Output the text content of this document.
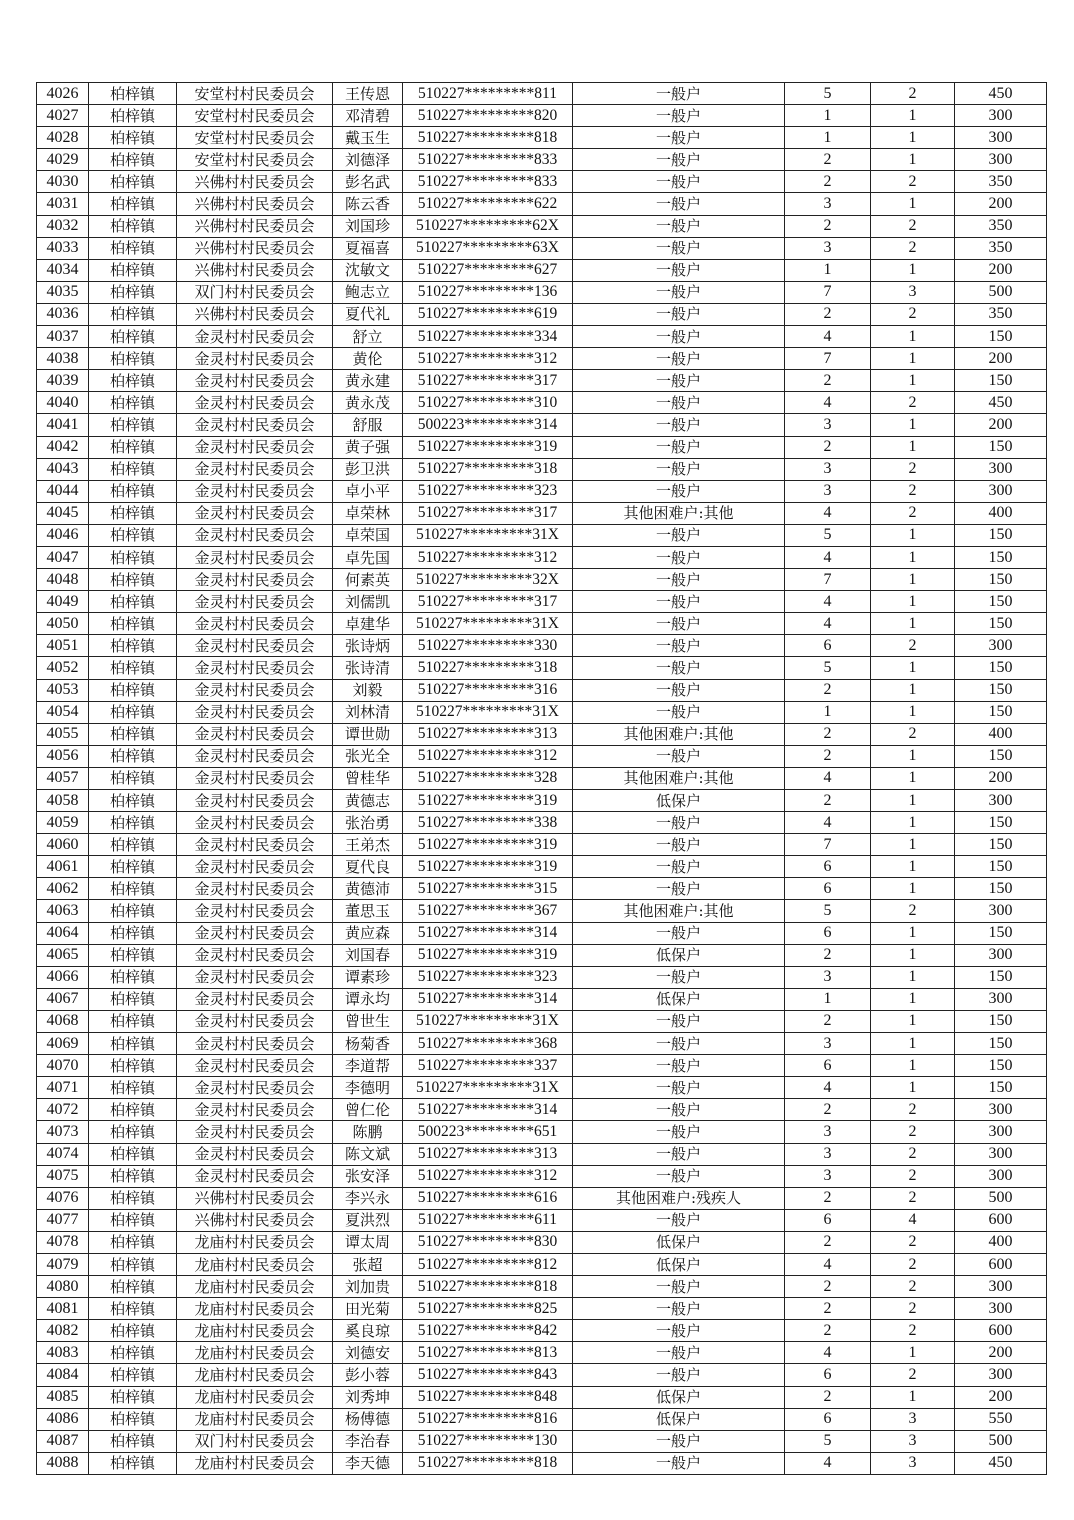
4026	柏梓镇	安堂村村民委员会	王传恩	510227*********811	一般户	5	2	450
4027	柏梓镇	安堂村村民委员会	邓清碧	510227*********820	一般户	1	1	300
4028	柏梓镇	安堂村村民委员会	戴玉生	510227*********818	一般户	1	1	300
4029	柏梓镇	安堂村村民委员会	刘德泽	510227*********833	一般户	2	1	300
4030	柏梓镇	兴佛村村民委员会	彭名武	510227*********833	一般户	2	2	350
4031	柏梓镇	兴佛村村民委员会	陈云香	510227*********622	一般户	3	1	200
4032	柏梓镇	兴佛村村民委员会	刘国珍	510227*********62X	一般户	2	2	350
4033	柏梓镇	兴佛村村民委员会	夏福喜	510227*********63X	一般户	3	2	350
4034	柏梓镇	兴佛村村民委员会	沈敏文	510227*********627	一般户	1	1	200
4035	柏梓镇	双门村村民委员会	鲍志立	510227*********136	一般户	7	3	500
4036	柏梓镇	兴佛村村民委员会	夏代礼	510227*********619	一般户	2	2	350
4037	柏梓镇	金灵村村民委员会	舒立	510227*********334	一般户	4	1	150
4038	柏梓镇	金灵村村民委员会	黄伦	510227*********312	一般户	7	1	200
4039	柏梓镇	金灵村村民委员会	黄永建	510227*********317	一般户	2	1	150
4040	柏梓镇	金灵村村民委员会	黄永茂	510227*********310	一般户	4	2	450
4041	柏梓镇	金灵村村民委员会	舒服	500223*********314	一般户	3	1	200
4042	柏梓镇	金灵村村民委员会	黄子强	510227*********319	一般户	2	1	150
4043	柏梓镇	金灵村村民委员会	彭卫洪	510227*********318	一般户	3	2	300
4044	柏梓镇	金灵村村民委员会	卓小平	510227*********323	一般户	3	2	300
4045	柏梓镇	金灵村村民委员会	卓荣林	510227*********317	其他困难户:其他	4	2	400
4046	柏梓镇	金灵村村民委员会	卓荣国	510227*********31X	一般户	5	1	150
4047	柏梓镇	金灵村村民委员会	卓先国	510227*********312	一般户	4	1	150
4048	柏梓镇	金灵村村民委员会	何素英	510227*********32X	一般户	7	1	150
4049	柏梓镇	金灵村村民委员会	刘儒凯	510227*********317	一般户	4	1	150
4050	柏梓镇	金灵村村民委员会	卓建华	510227*********31X	一般户	4	1	150
4051	柏梓镇	金灵村村民委员会	张诗炳	510227*********330	一般户	6	2	300
4052	柏梓镇	金灵村村民委员会	张诗清	510227*********318	一般户	5	1	150
4053	柏梓镇	金灵村村民委员会	刘毅	510227*********316	一般户	2	1	150
4054	柏梓镇	金灵村村民委员会	刘林清	510227*********31X	一般户	1	1	150
4055	柏梓镇	金灵村村民委员会	谭世勋	510227*********313	其他困难户:其他	2	2	400
4056	柏梓镇	金灵村村民委员会	张光全	510227*********312	一般户	2	1	150
4057	柏梓镇	金灵村村民委员会	曾桂华	510227*********328	其他困难户:其他	4	1	200
4058	柏梓镇	金灵村村民委员会	黄德志	510227*********319	低保户	2	1	300
4059	柏梓镇	金灵村村民委员会	张治勇	510227*********338	一般户	4	1	150
4060	柏梓镇	金灵村村民委员会	王弟杰	510227*********319	一般户	7	1	150
4061	柏梓镇	金灵村村民委员会	夏代良	510227*********319	一般户	6	1	150
4062	柏梓镇	金灵村村民委员会	黄德沛	510227*********315	一般户	6	1	150
4063	柏梓镇	金灵村村民委员会	董思玉	510227*********367	其他困难户:其他	5	2	300
4064	柏梓镇	金灵村村民委员会	黄应森	510227*********314	一般户	6	1	150
4065	柏梓镇	金灵村村民委员会	刘国春	510227*********319	低保户	2	1	300
4066	柏梓镇	金灵村村民委员会	谭素珍	510227*********323	一般户	3	1	150
4067	柏梓镇	金灵村村民委员会	谭永均	510227*********314	低保户	1	1	300
4068	柏梓镇	金灵村村民委员会	曾世生	510227*********31X	一般户	2	1	150
4069	柏梓镇	金灵村村民委员会	杨菊香	510227*********368	一般户	3	1	150
4070	柏梓镇	金灵村村民委员会	李道帮	510227*********337	一般户	6	1	150
4071	柏梓镇	金灵村村民委员会	李德明	510227*********31X	一般户	4	1	150
4072	柏梓镇	金灵村村民委员会	曾仁伦	510227*********314	一般户	2	2	300
4073	柏梓镇	金灵村村民委员会	陈鹏	500223*********651	一般户	3	2	300
4074	柏梓镇	金灵村村民委员会	陈文斌	510227*********313	一般户	3	2	300
4075	柏梓镇	金灵村村民委员会	张安泽	510227*********312	一般户	3	2	300
4076	柏梓镇	兴佛村村民委员会	李兴永	510227*********616	其他困难户:残疾人	2	2	500
4077	柏梓镇	兴佛村村民委员会	夏洪烈	510227*********611	一般户	6	4	600
4078	柏梓镇	龙庙村村民委员会	谭太周	510227*********830	低保户	2	2	400
4079	柏梓镇	龙庙村村民委员会	张超	510227*********812	低保户	4	2	600
4080	柏梓镇	龙庙村村民委员会	刘加贵	510227*********818	一般户	2	2	300
4081	柏梓镇	龙庙村村民委员会	田光菊	510227*********825	一般户	2	2	300
4082	柏梓镇	龙庙村村民委员会	奚良琼	510227*********842	一般户	2	2	600
4083	柏梓镇	龙庙村村民委员会	刘德安	510227*********813	一般户	4	1	200
4084	柏梓镇	龙庙村村民委员会	彭小蓉	510227*********843	一般户	6	2	300
4085	柏梓镇	龙庙村村民委员会	刘秀坤	510227*********848	低保户	2	1	200
4086	柏梓镇	龙庙村村民委员会	杨傅德	510227*********816	低保户	6	3	550
4087	柏梓镇	双门村村民委员会	李治春	510227*********130	一般户	5	3	500
4088	柏梓镇	龙庙村村民委员会	李天德	510227*********818	一般户	4	3	450
